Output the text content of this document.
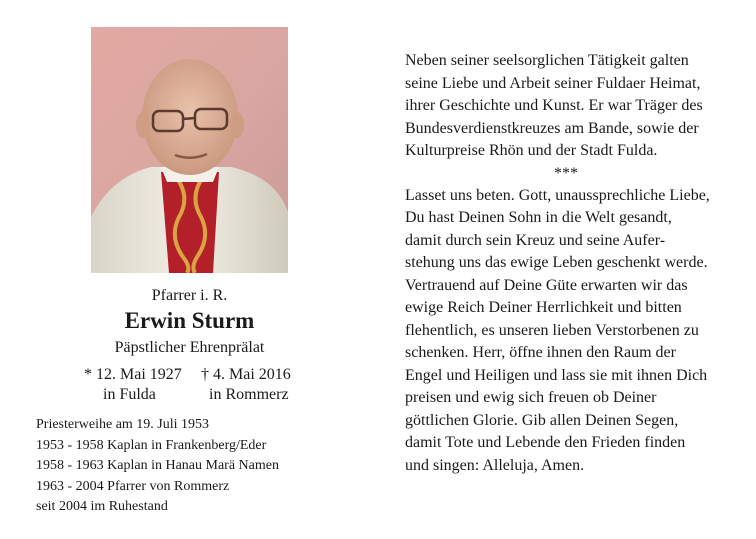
Pfarrer i. R.
Erwin Sturm
Päpstlicher Ehrenprälat
* 12. Mai 1927
in Fulda
† 4. Mai 2016
in Rommerz
Priesterweihe am 19. Juli 1953
1953 - 1958 Kaplan in Frankenberg/Eder
1958 - 1963 Kaplan in Hanau Marä Namen
1963 - 2004 Pfarrer von Rommerz
seit 2004 im Ruhestand
Neben seiner seelsorglichen Tätigkeit galten
seine Liebe und Arbeit seiner Fuldaer Heimat,
ihrer Geschichte und Kunst. Er war Träger des
Bundesverdienstkreuzes am Bande, sowie der
Kulturpreise Rhön und der Stadt Fulda.
***
Lasset uns beten. Gott, unaussprechliche Liebe,
Du hast Deinen Sohn in die Welt gesandt,
damit durch sein Kreuz und seine Aufer-
stehung uns das ewige Leben geschenkt werde.
Vertrauend auf Deine Güte erwarten wir das
ewige Reich Deiner Herrlichkeit und bitten
flehentlich, es unseren lieben Verstorbenen zu
schenken. Herr, öffne ihnen den Raum der
Engel und Heiligen und lass sie mit ihnen Dich
preisen und ewig sich freuen ob Deiner
göttlichen Glorie. Gib allen Deinen Segen,
damit Tote und Lebende den Frieden finden
und singen: Alleluja, Amen.
